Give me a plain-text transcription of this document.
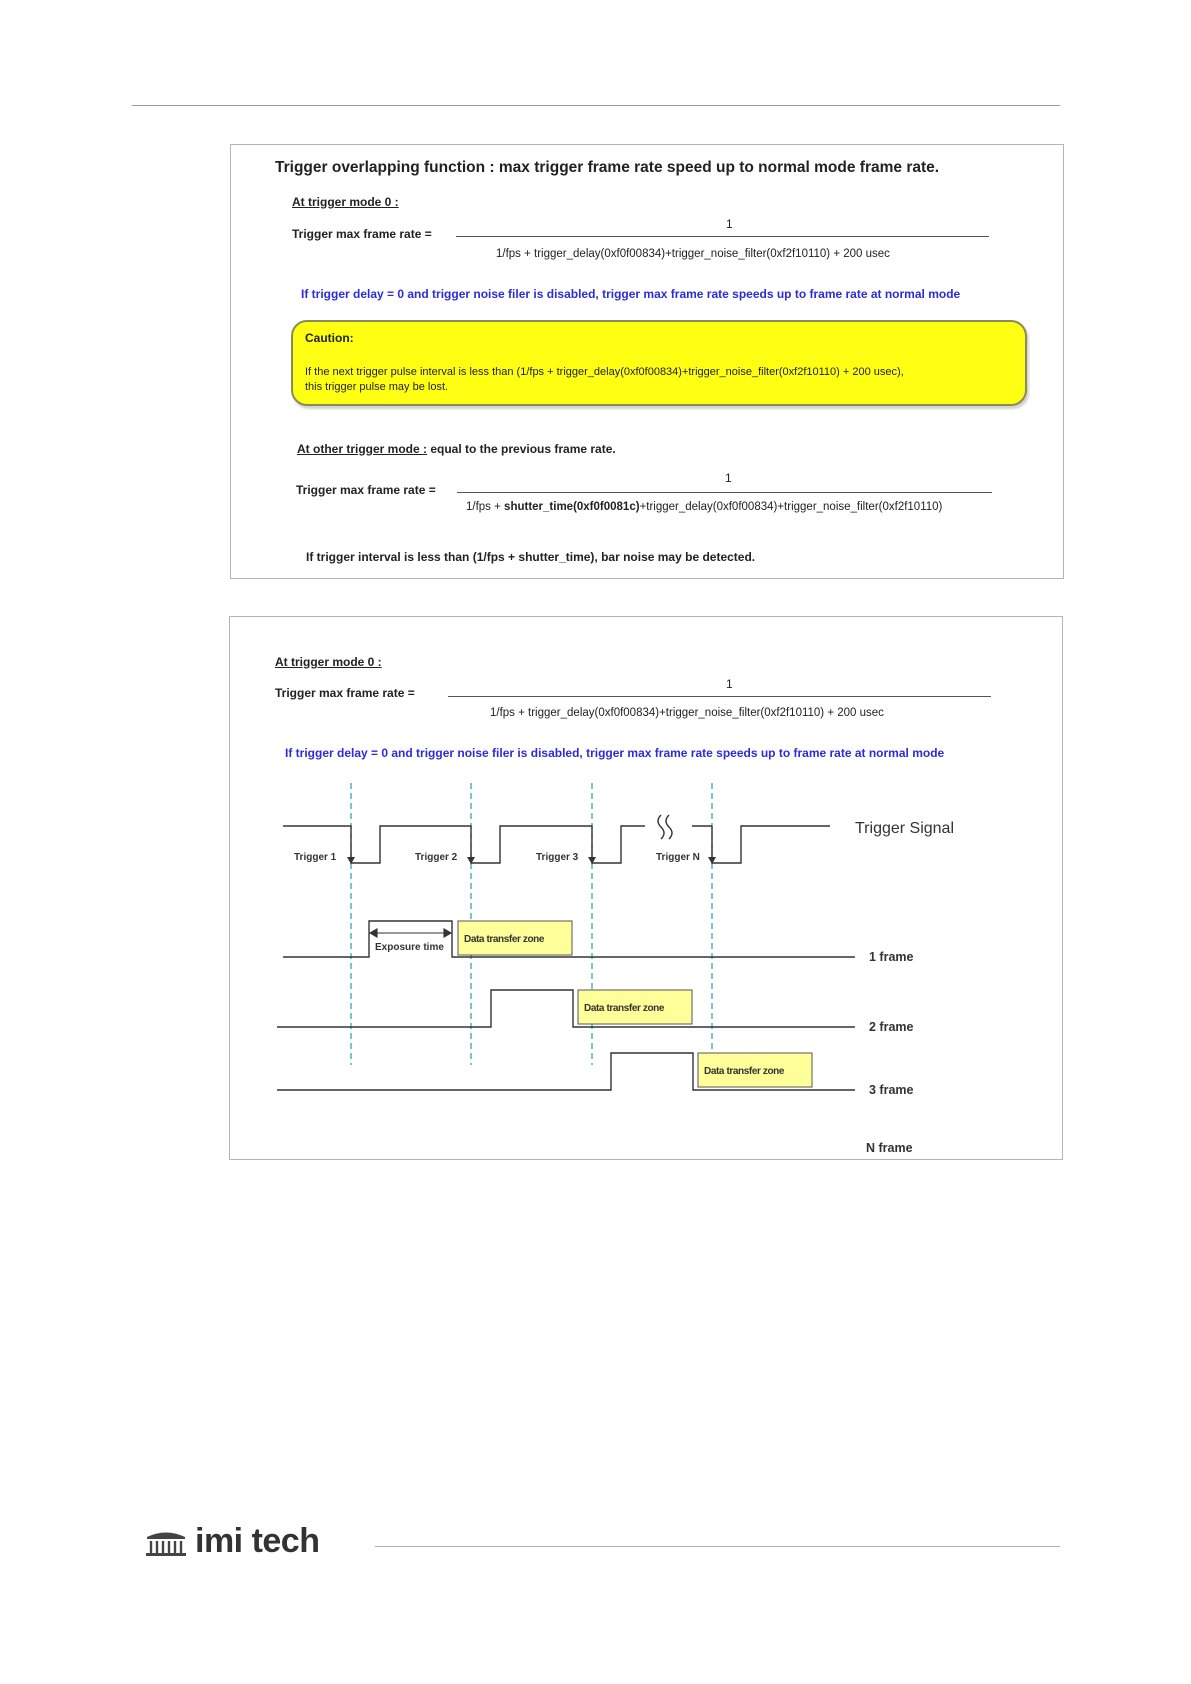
Trigger overlapping function : max trigger frame rate speed up to normal mode frame rate.
At trigger mode 0 :
Trigger max frame rate =
1
1/fps + trigger_delay(0xf0f00834)+trigger_noise_filter(0xf2f10110) + 200 usec
If trigger delay = 0 and trigger noise filer is disabled, trigger max frame rate speeds up to frame rate at normal mode
Caution:
If the next trigger pulse interval is less than (1/fps + trigger_delay(0xf0f00834)+trigger_noise_filter(0xf2f10110) + 200 usec),
this trigger pulse may be lost.
At other trigger mode : equal to the previous frame rate.
Trigger max frame rate =
1
1/fps + shutter_time(0xf0f0081c)+trigger_delay(0xf0f00834)+trigger_noise_filter(0xf2f10110)
If trigger interval is less than (1/fps + shutter_time), bar noise may be detected.
At trigger mode 0 :
Trigger max frame rate =
1
1/fps + trigger_delay(0xf0f00834)+trigger_noise_filter(0xf2f10110) + 200 usec
If trigger delay = 0 and trigger noise filer is disabled, trigger max frame rate speeds up to frame rate at normal mode
Trigger 1	Trigger 2	Trigger 3	Trigger N
Trigger Signal
Exposure time
Data transfer zone
1 frame
Data transfer zone
2 frame
Data transfer zone
3 frame
N frame
imi tech
